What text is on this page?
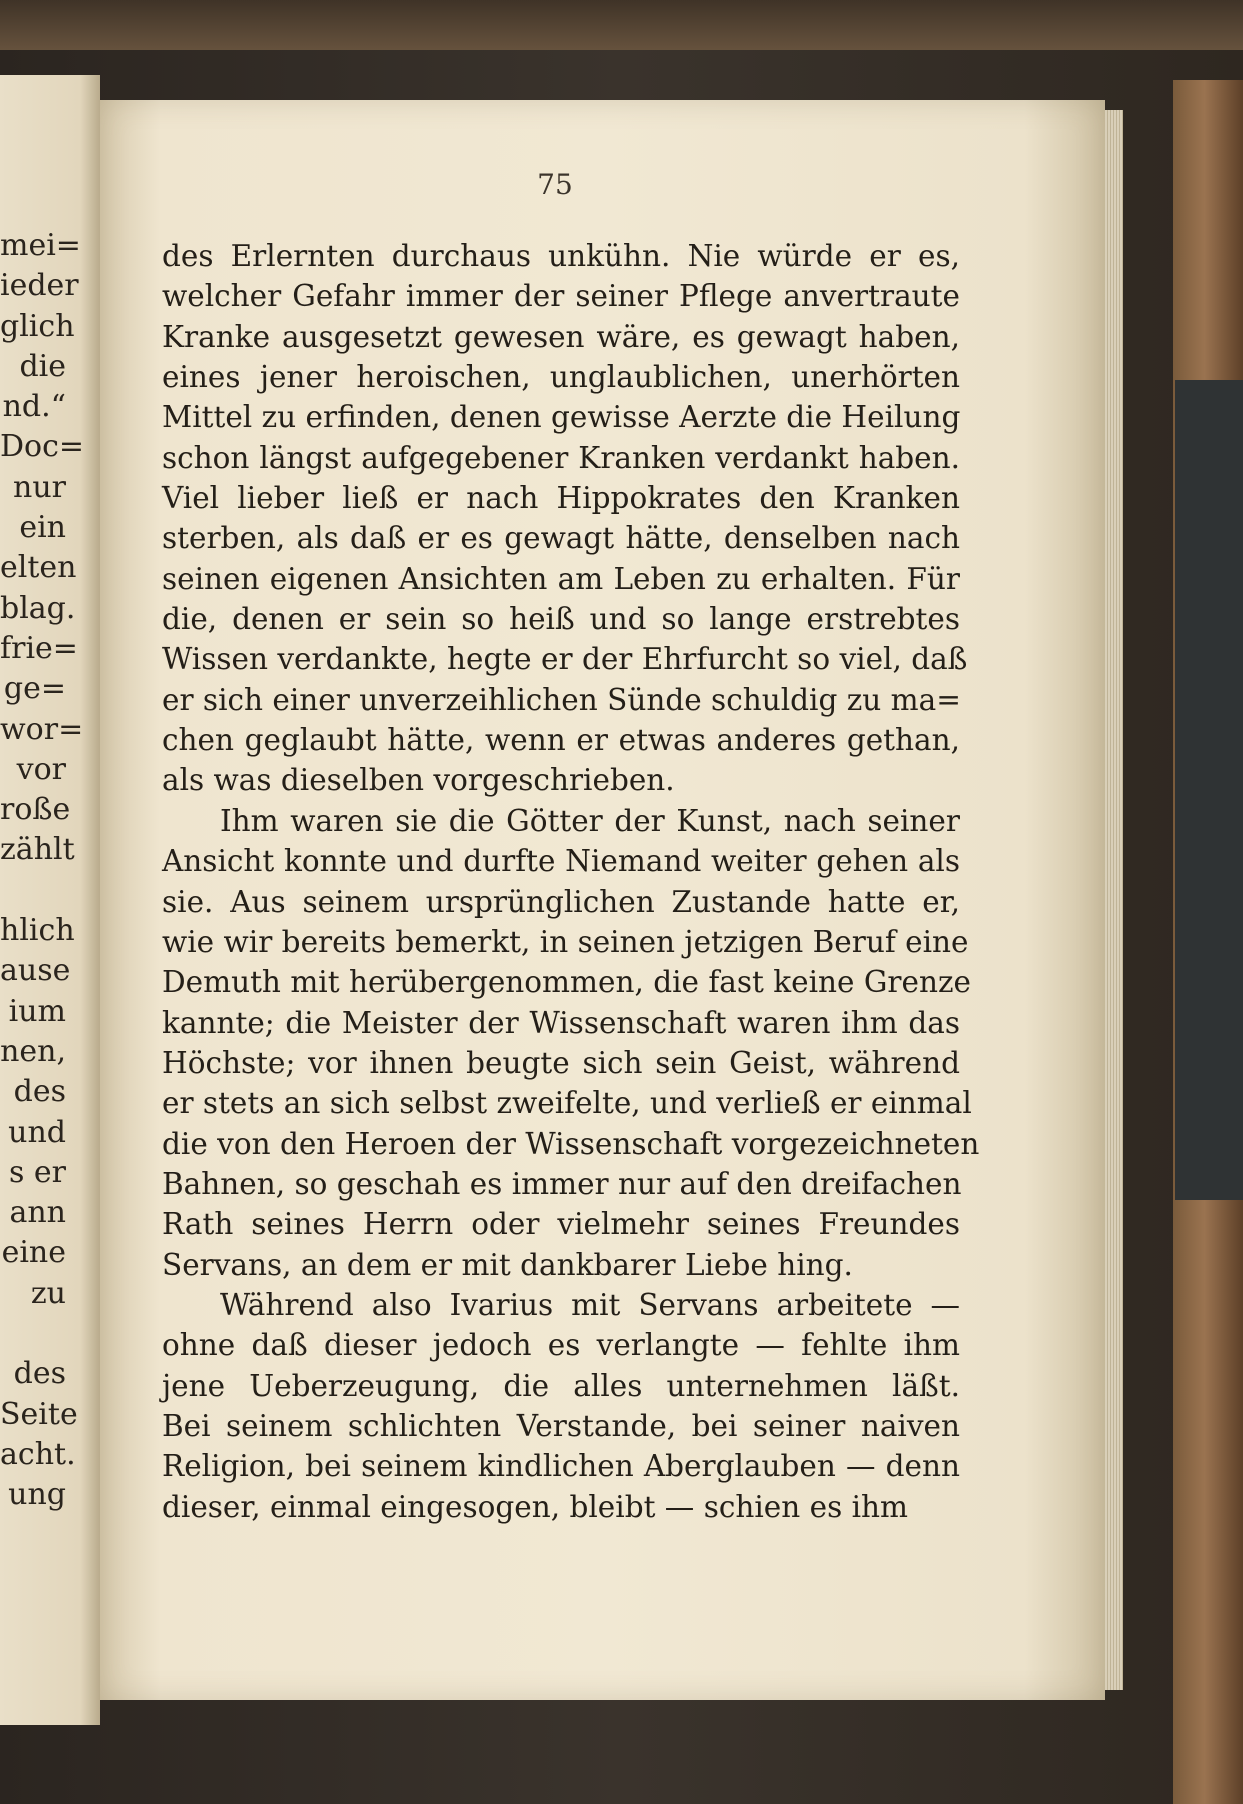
mei=
ieder
glich
die
nd.“
Doc=
nur
ein
elten
blag.
frie=
ge=
wor=
vor
roße
zählt

hlich
ause
ium
nen,
des
und
s er
ann
eine
zu

des
Seite
acht.
ung
75
des Erlernten durchaus unkühn. Nie würde er es,
welcher Gefahr immer der seiner Pflege anvertraute
Kranke ausgesetzt gewesen wäre, es gewagt haben,
eines jener heroischen, unglaublichen, unerhörten
Mittel zu erfinden, denen gewisse Aerzte die Heilung
schon längst aufgegebener Kranken verdankt haben.
Viel lieber ließ er nach Hippokrates den Kranken
sterben, als daß er es gewagt hätte, denselben nach
seinen eigenen Ansichten am Leben zu erhalten. Für
die, denen er sein so heiß und so lange erstrebtes
Wissen verdankte, hegte er der Ehrfurcht so viel, daß
er sich einer unverzeihlichen Sünde schuldig zu ma=
chen geglaubt hätte, wenn er etwas anderes gethan,
als was dieselben vorgeschrieben.
Ihm waren sie die Götter der Kunst, nach seiner
Ansicht konnte und durfte Niemand weiter gehen als
sie. Aus seinem ursprünglichen Zustande hatte er,
wie wir bereits bemerkt, in seinen jetzigen Beruf eine
Demuth mit herübergenommen, die fast keine Grenze
kannte; die Meister der Wissenschaft waren ihm das
Höchste; vor ihnen beugte sich sein Geist, während
er stets an sich selbst zweifelte, und verließ er einmal
die von den Heroen der Wissenschaft vorgezeichneten
Bahnen, so geschah es immer nur auf den dreifachen
Rath seines Herrn oder vielmehr seines Freundes
Servans, an dem er mit dankbarer Liebe hing.
Während also Ivarius mit Servans arbeitete —
ohne daß dieser jedoch es verlangte — fehlte ihm
jene Ueberzeugung, die alles unternehmen läßt.
Bei seinem schlichten Verstande, bei seiner naiven
Religion, bei seinem kindlichen Aberglauben — denn
dieser, einmal eingesogen, bleibt — schien es ihm
